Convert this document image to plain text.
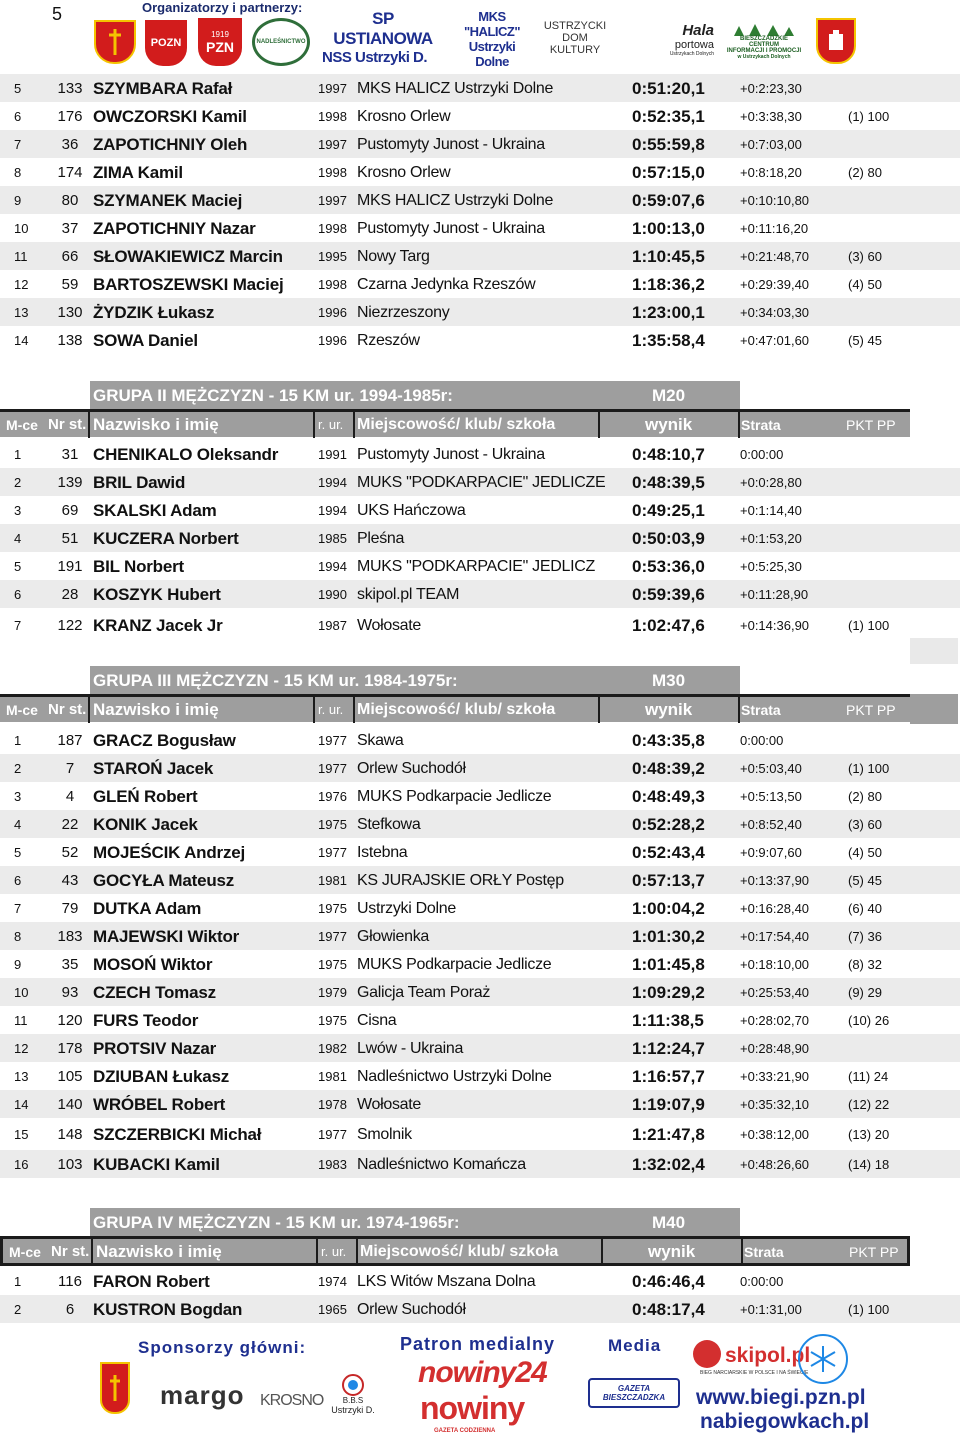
5	Organizatorzy i partnerzy:
POZN
1919
PZN	NADLEŚNICTWO
SP USTIANOWA
NSS Ustrzyki D.
MKS "HALICZ"
Ustrzyki Dolne
USTRZYCKI
DOM
KULTURY
Hala
portowa
Ustrzykach Dolnych
BIESZCZADZKIE
CENTRUM
INFORMACJI I PROMOCJI
w Ustrzykach Dolnych
5	133 SZYMBARA Rafał	1997 MKS HALICZ Ustrzyki Dolne	0:51:20,1	+0:2:23,30
6	176 OWCZORSKI Kamil	1998 Krosno Orlew	0:52:35,1	+0:3:38,30	(1) 100
7	36 ZAPOTICHNIY Oleh	1997 Pustomyty Junost - Ukraina	0:55:59,8	+0:7:03,00
8	174 ZIMA Kamil	1998 Krosno Orlew	0:57:15,0	+0:8:18,20	(2) 80
9	80 SZYMANEK Maciej	1997 MKS HALICZ Ustrzyki Dolne	0:59:07,6	+0:10:10,80
10	37 ZAPOTICHNIY Nazar	1998 Pustomyty Junost - Ukraina	1:00:13,0	+0:11:16,20
11	66 SŁOWAKIEWICZ Marcin	1995 Nowy Targ	1:10:45,5	+0:21:48,70	(3) 60
12	59 BARTOSZEWSKI Maciej	1998 Czarna Jedynka Rzeszów	1:18:36,2	+0:29:39,40	(4) 50
13	130 ŻYDZIK Łukasz	1996 Niezrzeszony	1:23:00,1	+0:34:03,30
14	138 SOWA Daniel	1996 Rzeszów	1:35:58,4	+0:47:01,60	(5) 45
GRUPA II MĘŻCZYZN - 15 KM ur. 1994-1985r:	M20
M-ce Nr st. Nazwisko i imię	r. ur. Miejscowość/ klub/ szkoła	wynik	Strata	PKT PP
1	31 CHENIKALO Oleksandr	1991 Pustomyty Junost - Ukraina	0:48:10,7	0:00:00
2	139 BRIL Dawid	1994 MUKS "PODKARPACIE" JEDLICZE 0:48:39,5	+0:0:28,80
3	69 SKALSKI Adam	1994 UKS Hańczowa	0:49:25,1	+0:1:14,40
4	51 KUCZERA Norbert	1985 Pleśna	0:50:03,9	+0:1:53,20
5	191 BIL Norbert	1994 MUKS "PODKARPACIE" JEDLICZ	0:53:36,0	+0:5:25,30
6	28 KOSZYK Hubert	1990 skipol.pl TEAM	0:59:39,6	+0:11:28,90
7	122 KRANZ Jacek Jr	1987 Wołosate	1:02:47,6	+0:14:36,90	(1) 100
GRUPA III MĘŻCZYZN - 15 KM ur. 1984-1975r:	M30
M-ce Nr st. Nazwisko i imię	r. ur. Miejscowość/ klub/ szkoła	wynik	Strata	PKT PP
1	187 GRACZ Bogusław	1977 Skawa	0:43:35,8	0:00:00
2	7	STAROŃ Jacek	1977 Orlew Suchodół	0:48:39,2	+0:5:03,40	(1) 100
3	4	GLEŃ Robert	1976 MUKS Podkarpacie Jedlicze	0:48:49,3	+0:5:13,50	(2) 80
4	22 KONIK Jacek	1975 Stefkowa	0:52:28,2	+0:8:52,40	(3) 60
5	52 MOJEŚCIK Andrzej	1977 Istebna	0:52:43,4	+0:9:07,60	(4) 50
6	43 GOCYŁA Mateusz	1981 KS JURAJSKIE ORŁY Postęp	0:57:13,7	+0:13:37,90	(5) 45
7	79 DUTKA Adam	1975 Ustrzyki Dolne	1:00:04,2	+0:16:28,40	(6) 40
8	183 MAJEWSKI Wiktor	1977 Głowienka	1:01:30,2	+0:17:54,40	(7) 36
9	35 MOSOŃ Wiktor	1975 MUKS Podkarpacie Jedlicze	1:01:45,8	+0:18:10,00	(8) 32
10	93 CZECH Tomasz	1979 Galicja Team Poraż	1:09:29,2	+0:25:53,40	(9) 29
11	120 FURS Teodor	1975 Cisna	1:11:38,5	+0:28:02,70	(10) 26
12	178 PROTSIV Nazar	1982 Lwów - Ukraina	1:12:24,7	+0:28:48,90
13	105 DZIUBAN Łukasz	1981 Nadleśnictwo Ustrzyki Dolne	1:16:57,7	+0:33:21,90	(11) 24
14	140 WRÓBEL Robert	1978 Wołosate	1:19:07,9	+0:35:32,10	(12) 22
15	148 SZCZERBICKI Michał	1977 Smolnik	1:21:47,8	+0:38:12,00	(13) 20
16	103 KUBACKI Kamil	1983 Nadleśnictwo Komańcza	1:32:02,4	+0:48:26,60	(14) 18
GRUPA IV MĘŻCZYZN - 15 KM ur. 1974-1965r:	M40
M-ce Nr st. Nazwisko i imię	r. ur. Miejscowość/ klub/ szkoła	wynik	Strata	PKT PP
1	116 FARON Robert	1974 LKS Witów Mszana Dolna	0:46:46,4	0:00:00
2	6	KUSTRON Bogdan	1965 Orlew Suchodół	0:48:17,4	+0:1:31,00	(1) 100
Sponsorzy główni:	Patron medialny	Media
margo KROSNO B.B.S
Ustrzyki D.
nowiny24
nowiny
GAZETA CODZIENNA
GAZETA BIESZCZADZKA
skipol.pl
BIEG NARCIARSKIE W POLSCE I NA ŚWIECIE
www.biegi.pzn.pl
nabiegowkach.pl
